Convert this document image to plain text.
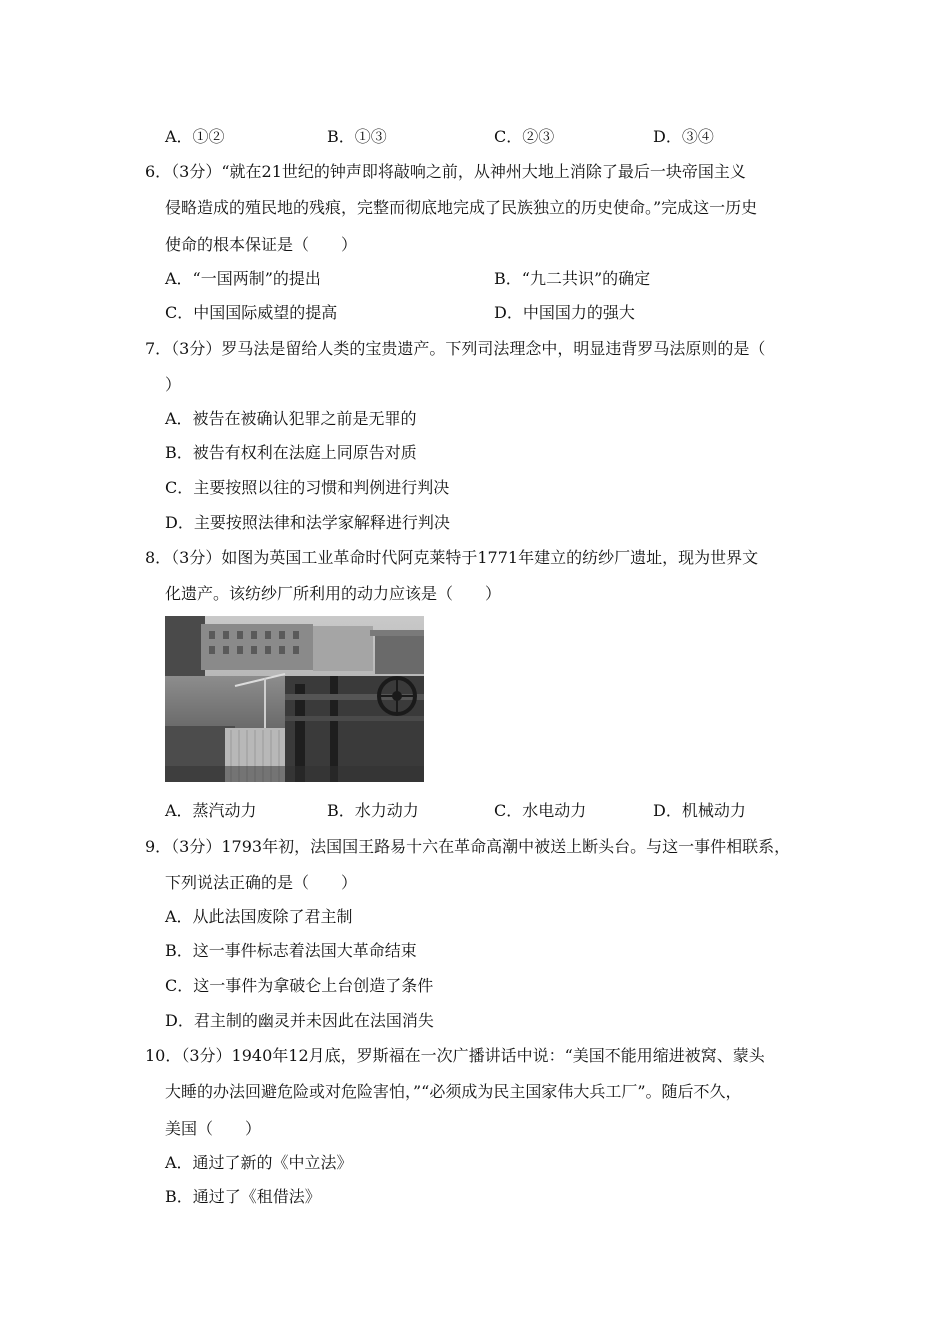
A．①②	B．①③	C．②③	D．③④
6．（3分）“就在21世纪的钟声即将敲响之前，从神州大地上消除了最后一块帝国主义
侵略造成的殖民地的残痕，完整而彻底地完成了民族独立的历史使命。”完成这一历史
使命的根本保证是（　　）
A．“一国两制”的提出	B．“九二共识”的确定
C．中国国际威望的提高	D．中国国力的强大
7．（3分）罗马法是留给人类的宝贵遗产。下列司法理念中，明显违背罗马法原则的是（
）
A．被告在被确认犯罪之前是无罪的
B．被告有权利在法庭上同原告对质
C．主要按照以往的习惯和判例进行判决
D．主要按照法律和法学家解释进行判决
8．（3分）如图为英国工业革命时代阿克莱特于1771年建立的纺纱厂遗址，现为世界文
化遗产。该纺纱厂所利用的动力应该是（　　）
A．蒸汽动力	B．水力动力	C．水电动力	D．机械动力
9．（3分）1793年初，法国国王路易十六在革命高潮中被送上断头台。与这一事件相联系，
下列说法正确的是（　　）
A．从此法国废除了君主制
B．这一事件标志着法国大革命结束
C．这一事件为拿破仑上台创造了条件
D．君主制的幽灵并未因此在法国消失
10．（3分）1940年12月底，罗斯福在一次广播讲话中说：“美国不能用缩进被窝、蒙头
大睡的办法回避危险或对危险害怕，”“必须成为民主国家伟大兵工厂”。随后不久，
美国（　　）
A．通过了新的《中立法》
B．通过了《租借法》
